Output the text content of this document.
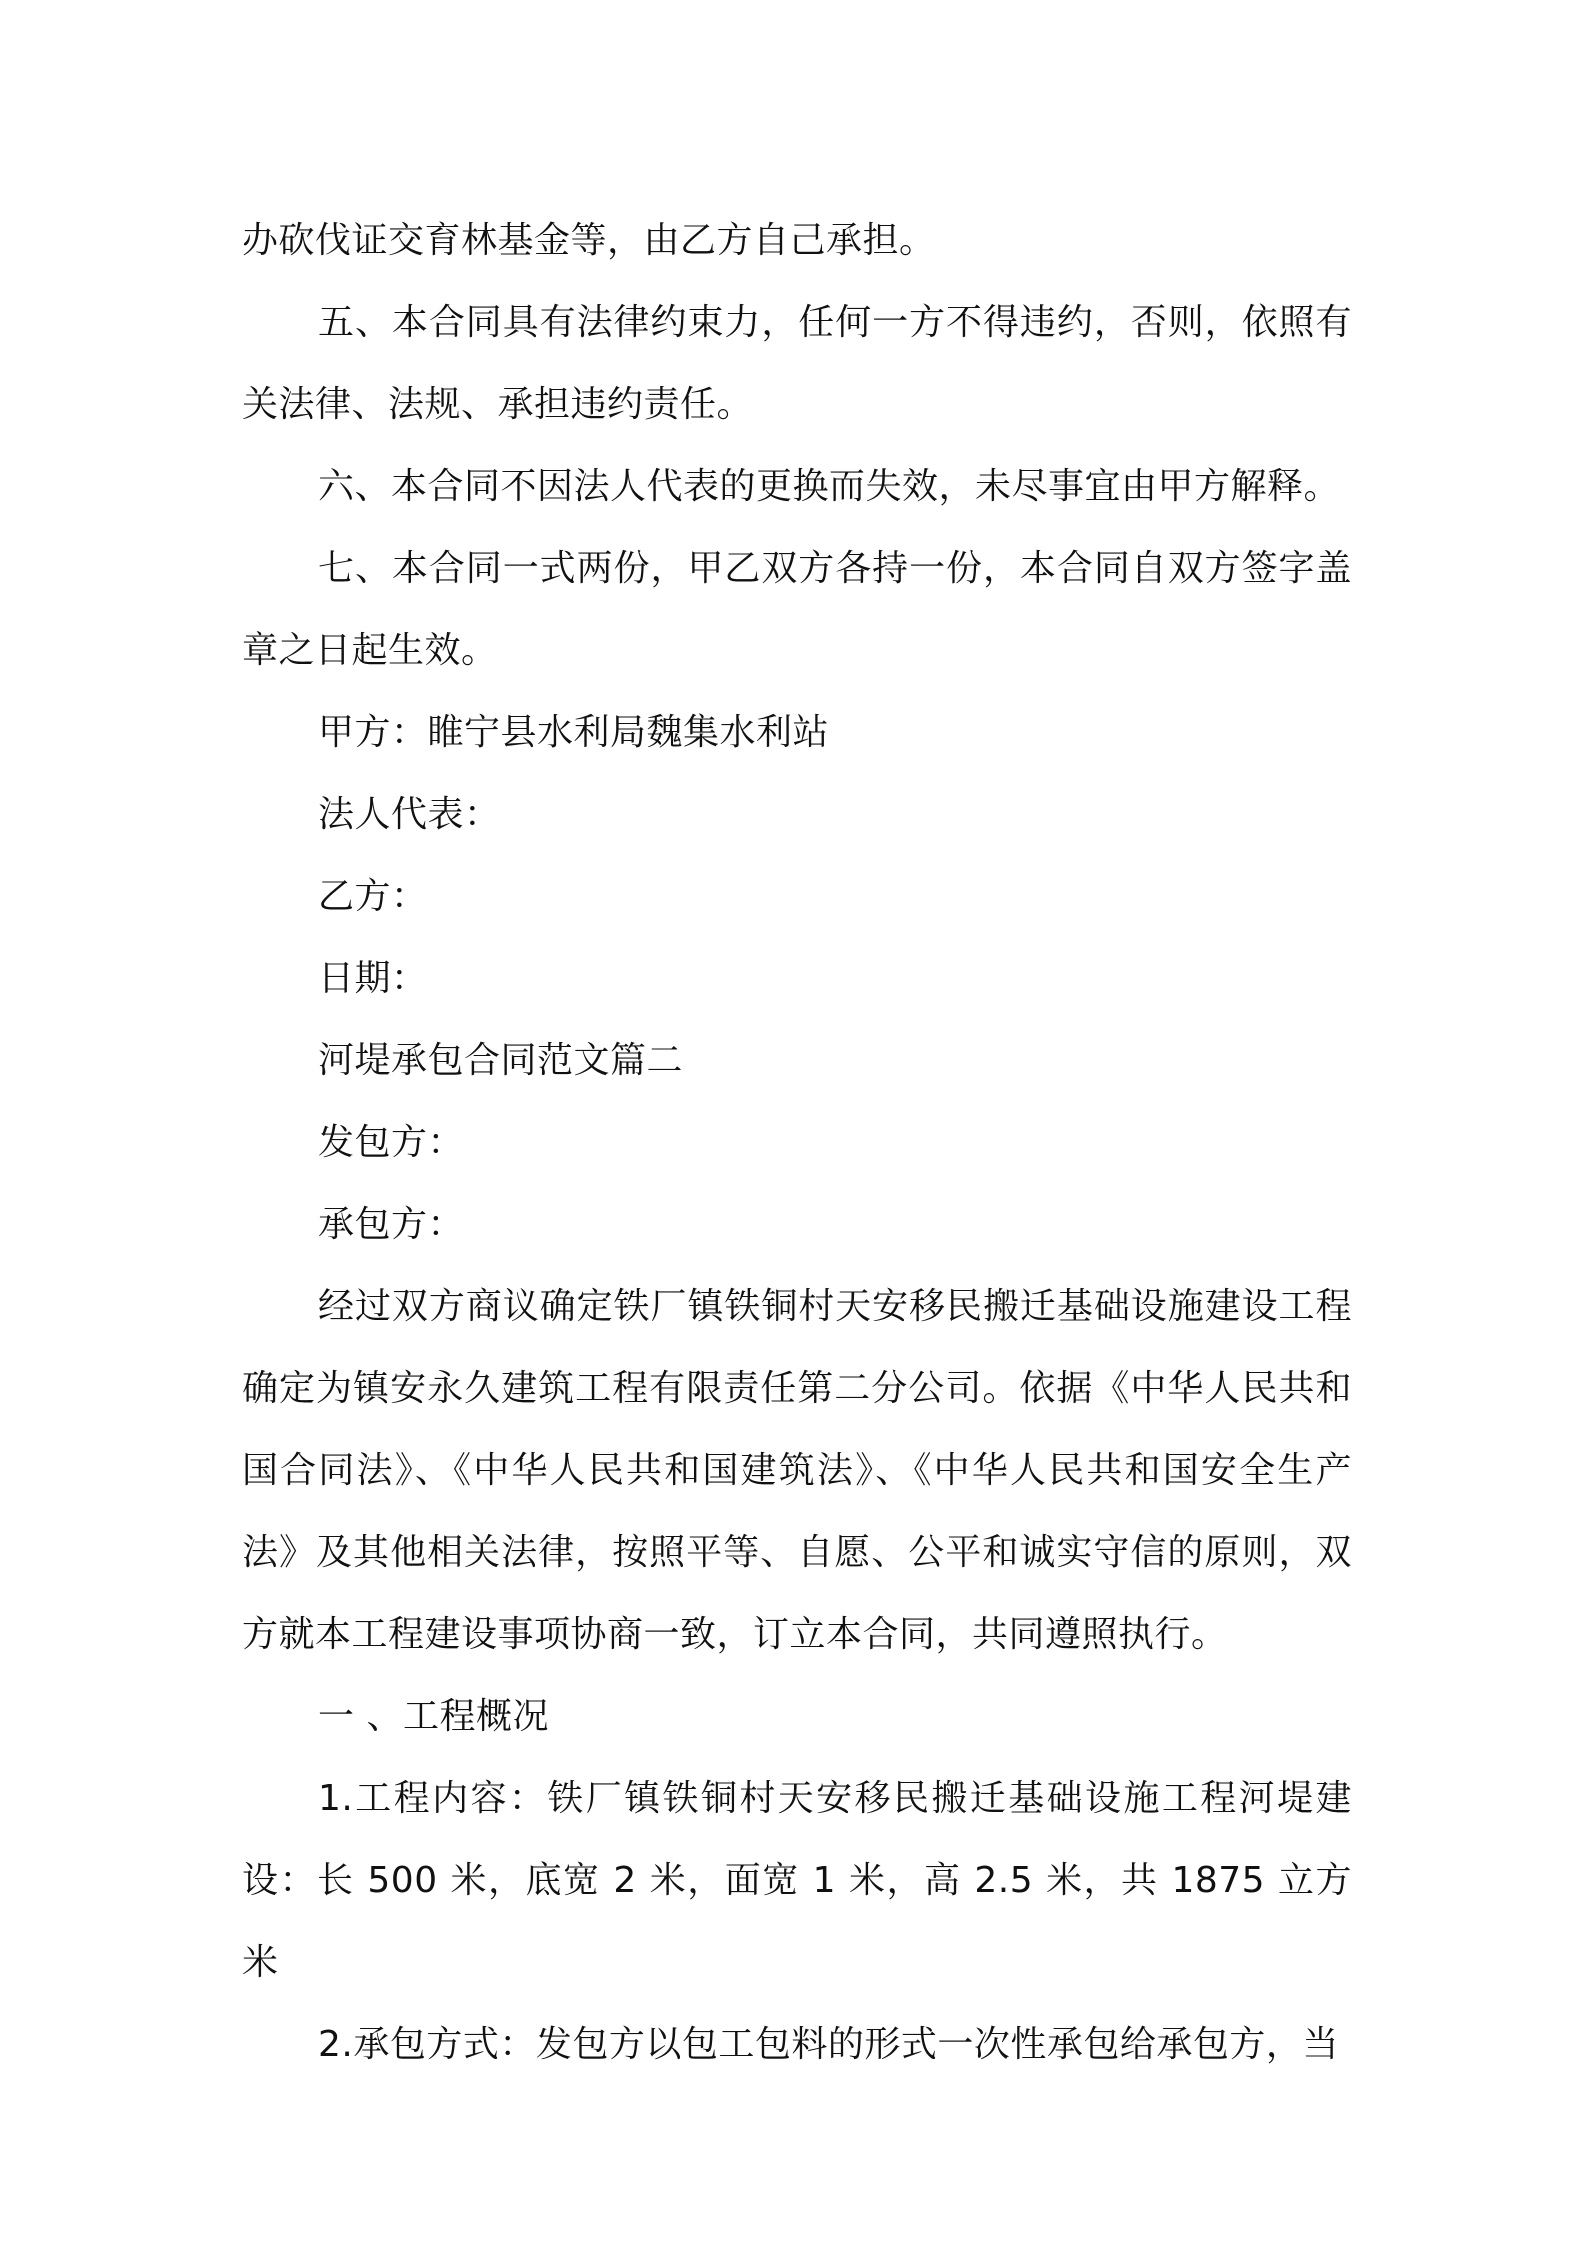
办砍伐证交育林基金等，由乙方自己承担。

五、本合同具有法律约束力，任何一方不得违约，否则，依照有关法律、法规、承担违约责任。

六、本合同不因法人代表的更换而失效，未尽事宜由甲方解释。

七、本合同一式两份，甲乙双方各持一份，本合同自双方签字盖章之日起生效。

甲方：睢宁县水利局魏集水利站

法人代表：

乙方：

日期：

河堤承包合同范文篇二

发包方：

承包方：

经过双方商议确定铁厂镇铁铜村天安移民搬迁基础设施建设工程确定为镇安永久建筑工程有限责任第二分公司。依据《中华人民共和国合同法》、《中华人民共和国建筑法》、《中华人民共和国安全生产法》及其他相关法律，按照平等、自愿、公平和诚实守信的原则，双方就本工程建设事项协商一致，订立本合同，共同遵照执行。

一 、工程概况

1.工程内容：铁厂镇铁铜村天安移民搬迁基础设施工程河堤建设：长 500 米，底宽 2 米，面宽 1 米，高 2.5 米，共 1875 立方米

2.承包方式：发包方以包工包料的形式一次性承包给承包方，当
